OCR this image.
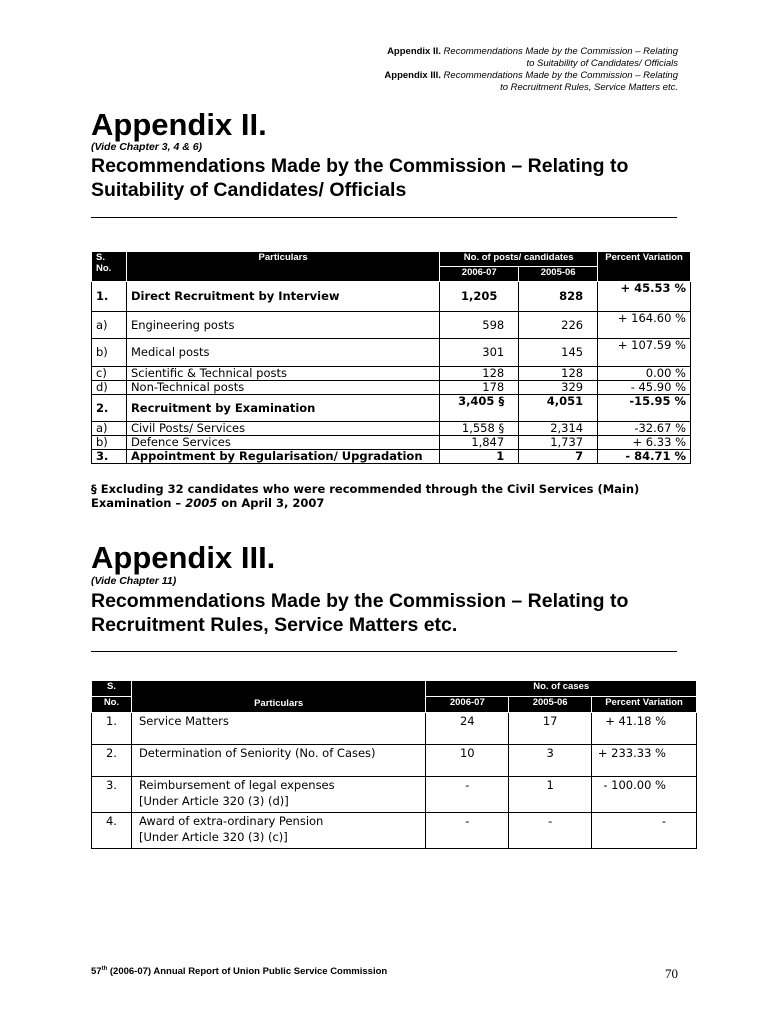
Appendix II. Recommendations Made by the Commission – Relating
to Suitability of Candidates/ Officials
Appendix III. Recommendations Made by the Commission – Relating
to Recruitment Rules, Service Matters etc.
Appendix II.
(Vide Chapter 3, 4 & 6)
Recommendations Made by the Commission – Relating to
Suitability of Candidates/ Officials
S. No.	Particulars	No. of posts/ candidates		Percent Variation
		2006-07	2005-06	
1.	Direct Recruitment by Interview	1,205	828	+ 45.53 %
a)	Engineering posts	598	226	+ 164.60 %
b)	Medical posts	301	145	+ 107.59 %
c)	Scientific & Technical posts	128	128	0.00 %
d)	Non-Technical posts	178	329	- 45.90 %
2.	Recruitment by Examination	3,405 §	4,051	-15.95 %
a)	Civil Posts/ Services	1,558 §	2,314	-32.67 %
b)	Defence Services	1,847	1,737	+ 6.33 %
3.	Appointment by Regularisation/ Upgradation	1	7	- 84.71 %
§ Excluding 32 candidates who were recommended through the Civil Services (Main) Examination – 2005 on April 3, 2007
Appendix III.
(Vide Chapter 11)
Recommendations Made by the Commission – Relating to
Recruitment Rules, Service Matters etc.
S.	Particulars	No. of cases		
No.		2006-07	2005-06	Percent Variation
1.	Service Matters	24	17	+ 41.18 %
2.	Determination of Seniority (No. of Cases)	10	3	+ 233.33 %
3.	Reimbursement of legal expenses
[Under Article 320 (3) (d)]	-	1	- 100.00 %
4.	Award of extra-ordinary Pension
[Under Article 320 (3) (c)]	-	-	-
57th (2006-07) Annual Report of Union Public Service Commission	70
